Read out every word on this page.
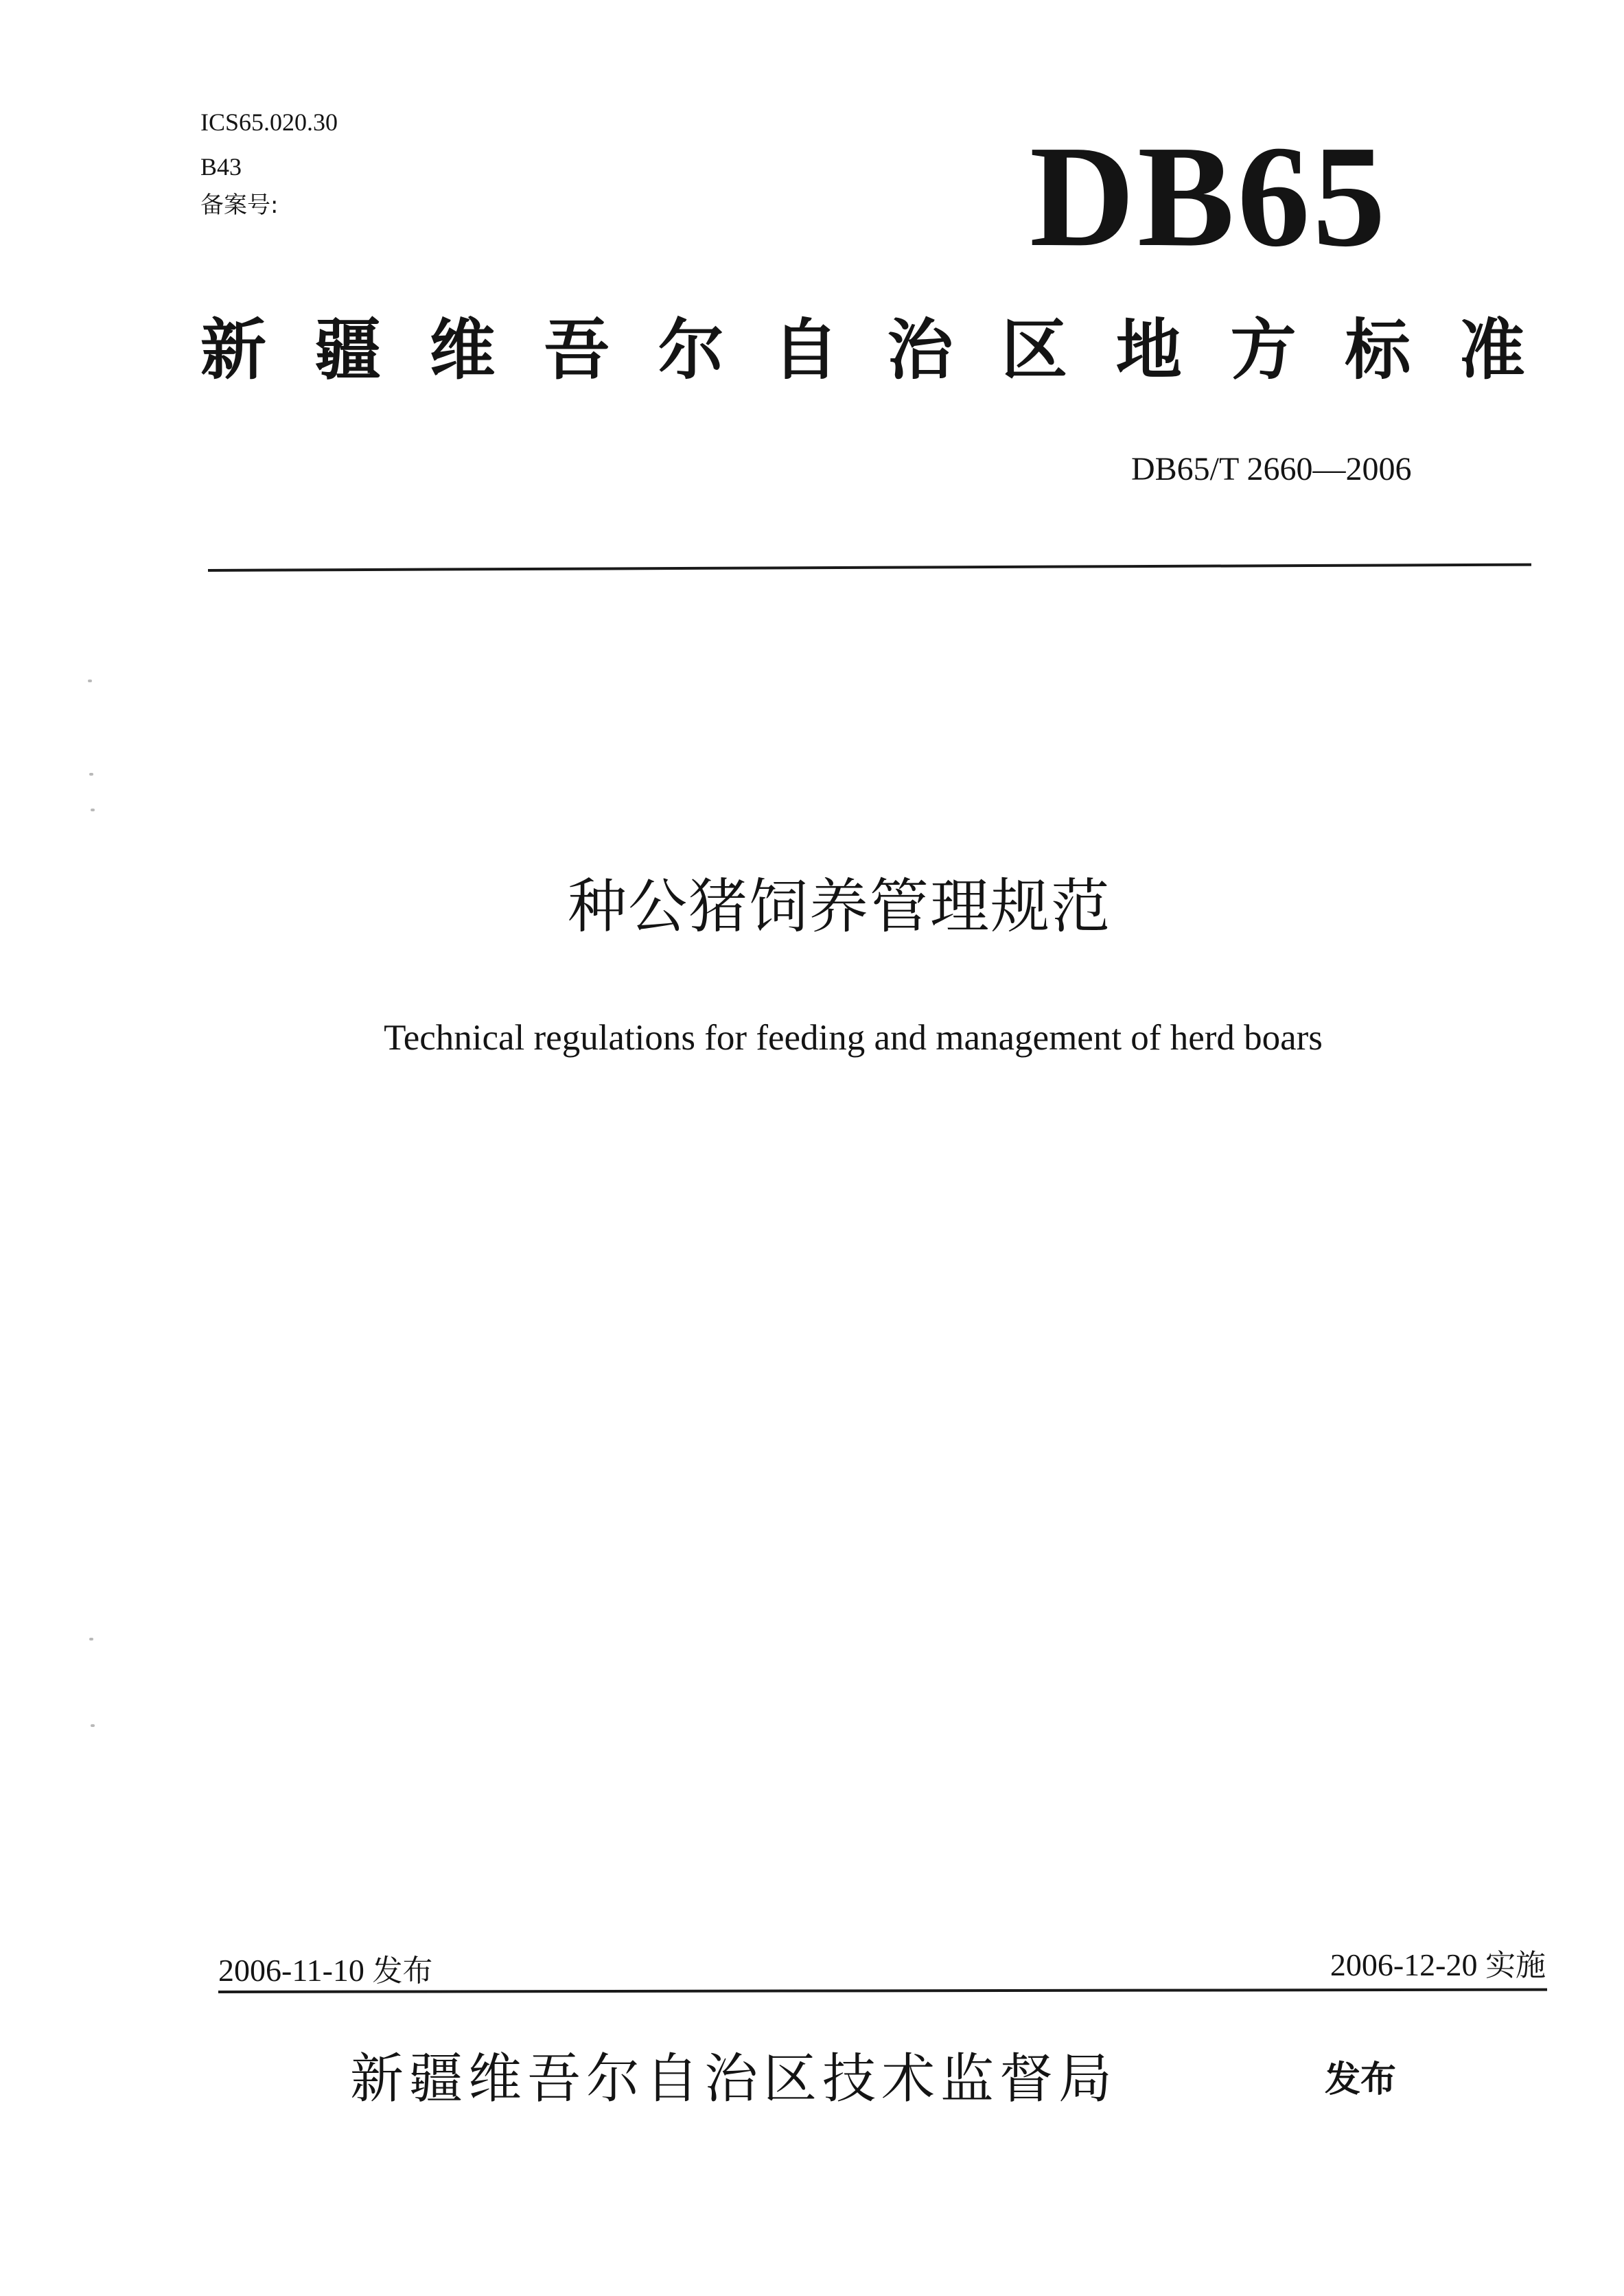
ICS65.020.30
B43
备案号:	DB65
新 疆 维 吾 尔 自 治 区 地 方 标 准
DB65/T 2660—2006
种公猪饲养管理规范
Technical regulations for feeding and management of herd boars
2006-11-10 发布	2006-12-20 实施
新疆维吾尔自治区技术监督局	发布
